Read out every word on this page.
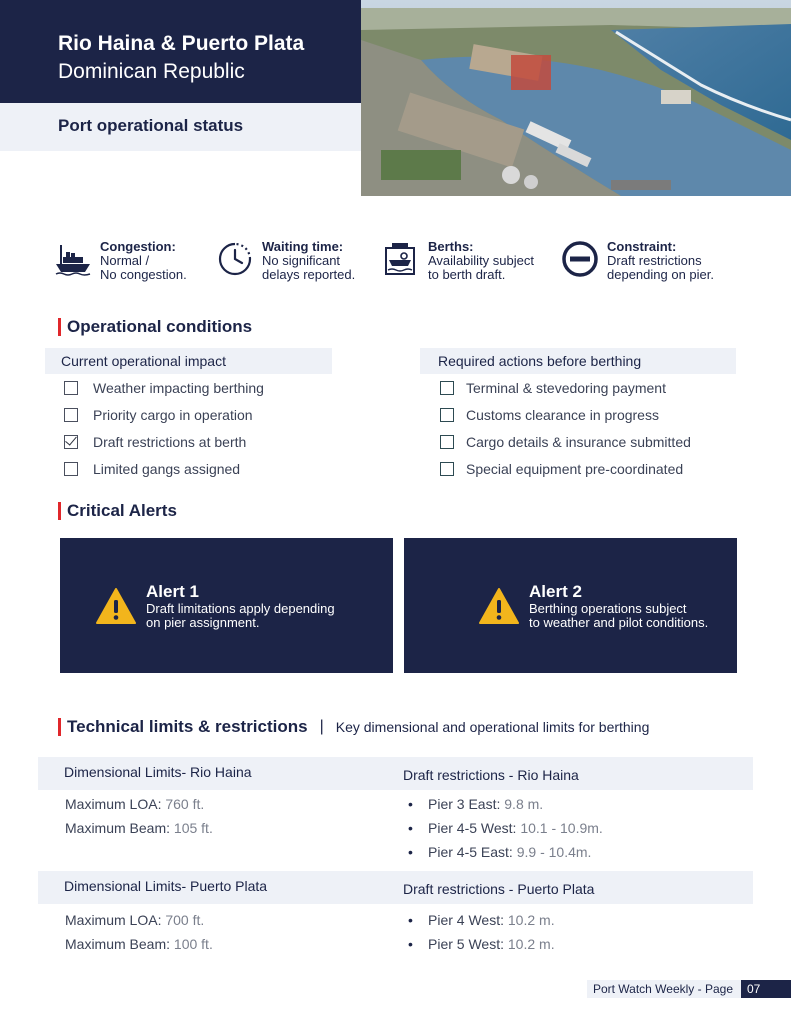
Rio Haina & Puerto Plata
Dominican Republic
Port operational status
Congestion:
Normal /
No congestion.
Waiting time:
No significant
delays reported.
Berths:
Availability subject
to berth draft.
Constraint:
Draft restrictions
depending on pier.
Operational conditions
Current operational impact
Weather impacting berthing
Priority cargo in operation
Draft restrictions at berth
Limited gangs assigned
Required actions before berthing
Terminal & stevedoring payment
Customs clearance in progress
Cargo details & insurance submitted
Special equipment pre-coordinated
Critical Alerts
Alert 1
Draft limitations apply depending
on pier assignment.
Alert 2
Berthing operations subject
to weather and pilot conditions.
Technical limits & restrictions | Key dimensional and operational limits for berthing
Dimensional Limits- Rio Haina	Draft restrictions - Rio Haina
Maximum LOA: 760 ft.
Maximum Beam: 105 ft.
• Pier 3 East: 9.8 m.
• Pier 4-5 West: 10.1 - 10.9m.
• Pier 4-5 East: 9.9 - 10.4m.
Dimensional Limits- Puerto Plata	Draft restrictions - Puerto Plata
Maximum LOA: 700 ft.
Maximum Beam: 100 ft.
• Pier 4 West: 10.2 m.
• Pier 5 West: 10.2 m.
Port Watch Weekly - Page	07
